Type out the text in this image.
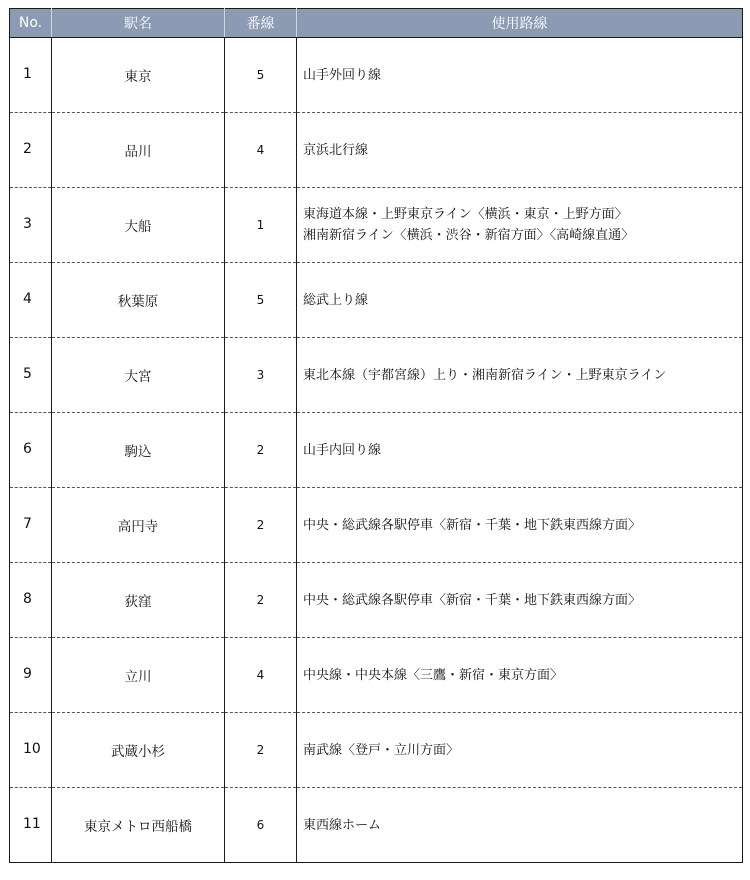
No.	駅名	番線	使用路線
1	東京	5	山手外回り線

2	品川	4	京浜北行線

3	大船	1	東海道本線・上野東京ライン〈横浜・東京・上野方面〉
湘南新宿ライン〈横浜・渋谷・新宿方面〉〈高崎線直通〉

4	秋葉原	5	総武上り線

5	大宮	3	東北本線（宇都宮線）上り・湘南新宿ライン・上野東京ライン

6	駒込	2	山手内回り線

7	高円寺	2	中央・総武線各駅停車〈新宿・千葉・地下鉄東西線方面〉

8	荻窪	2	中央・総武線各駅停車〈新宿・千葉・地下鉄東西線方面〉

9	立川	4	中央線・中央本線〈三鷹・新宿・東京方面〉

10	武蔵小杉	2	南武線〈登戸・立川方面〉

11	東京メトロ西船橋	6	東西線ホーム
